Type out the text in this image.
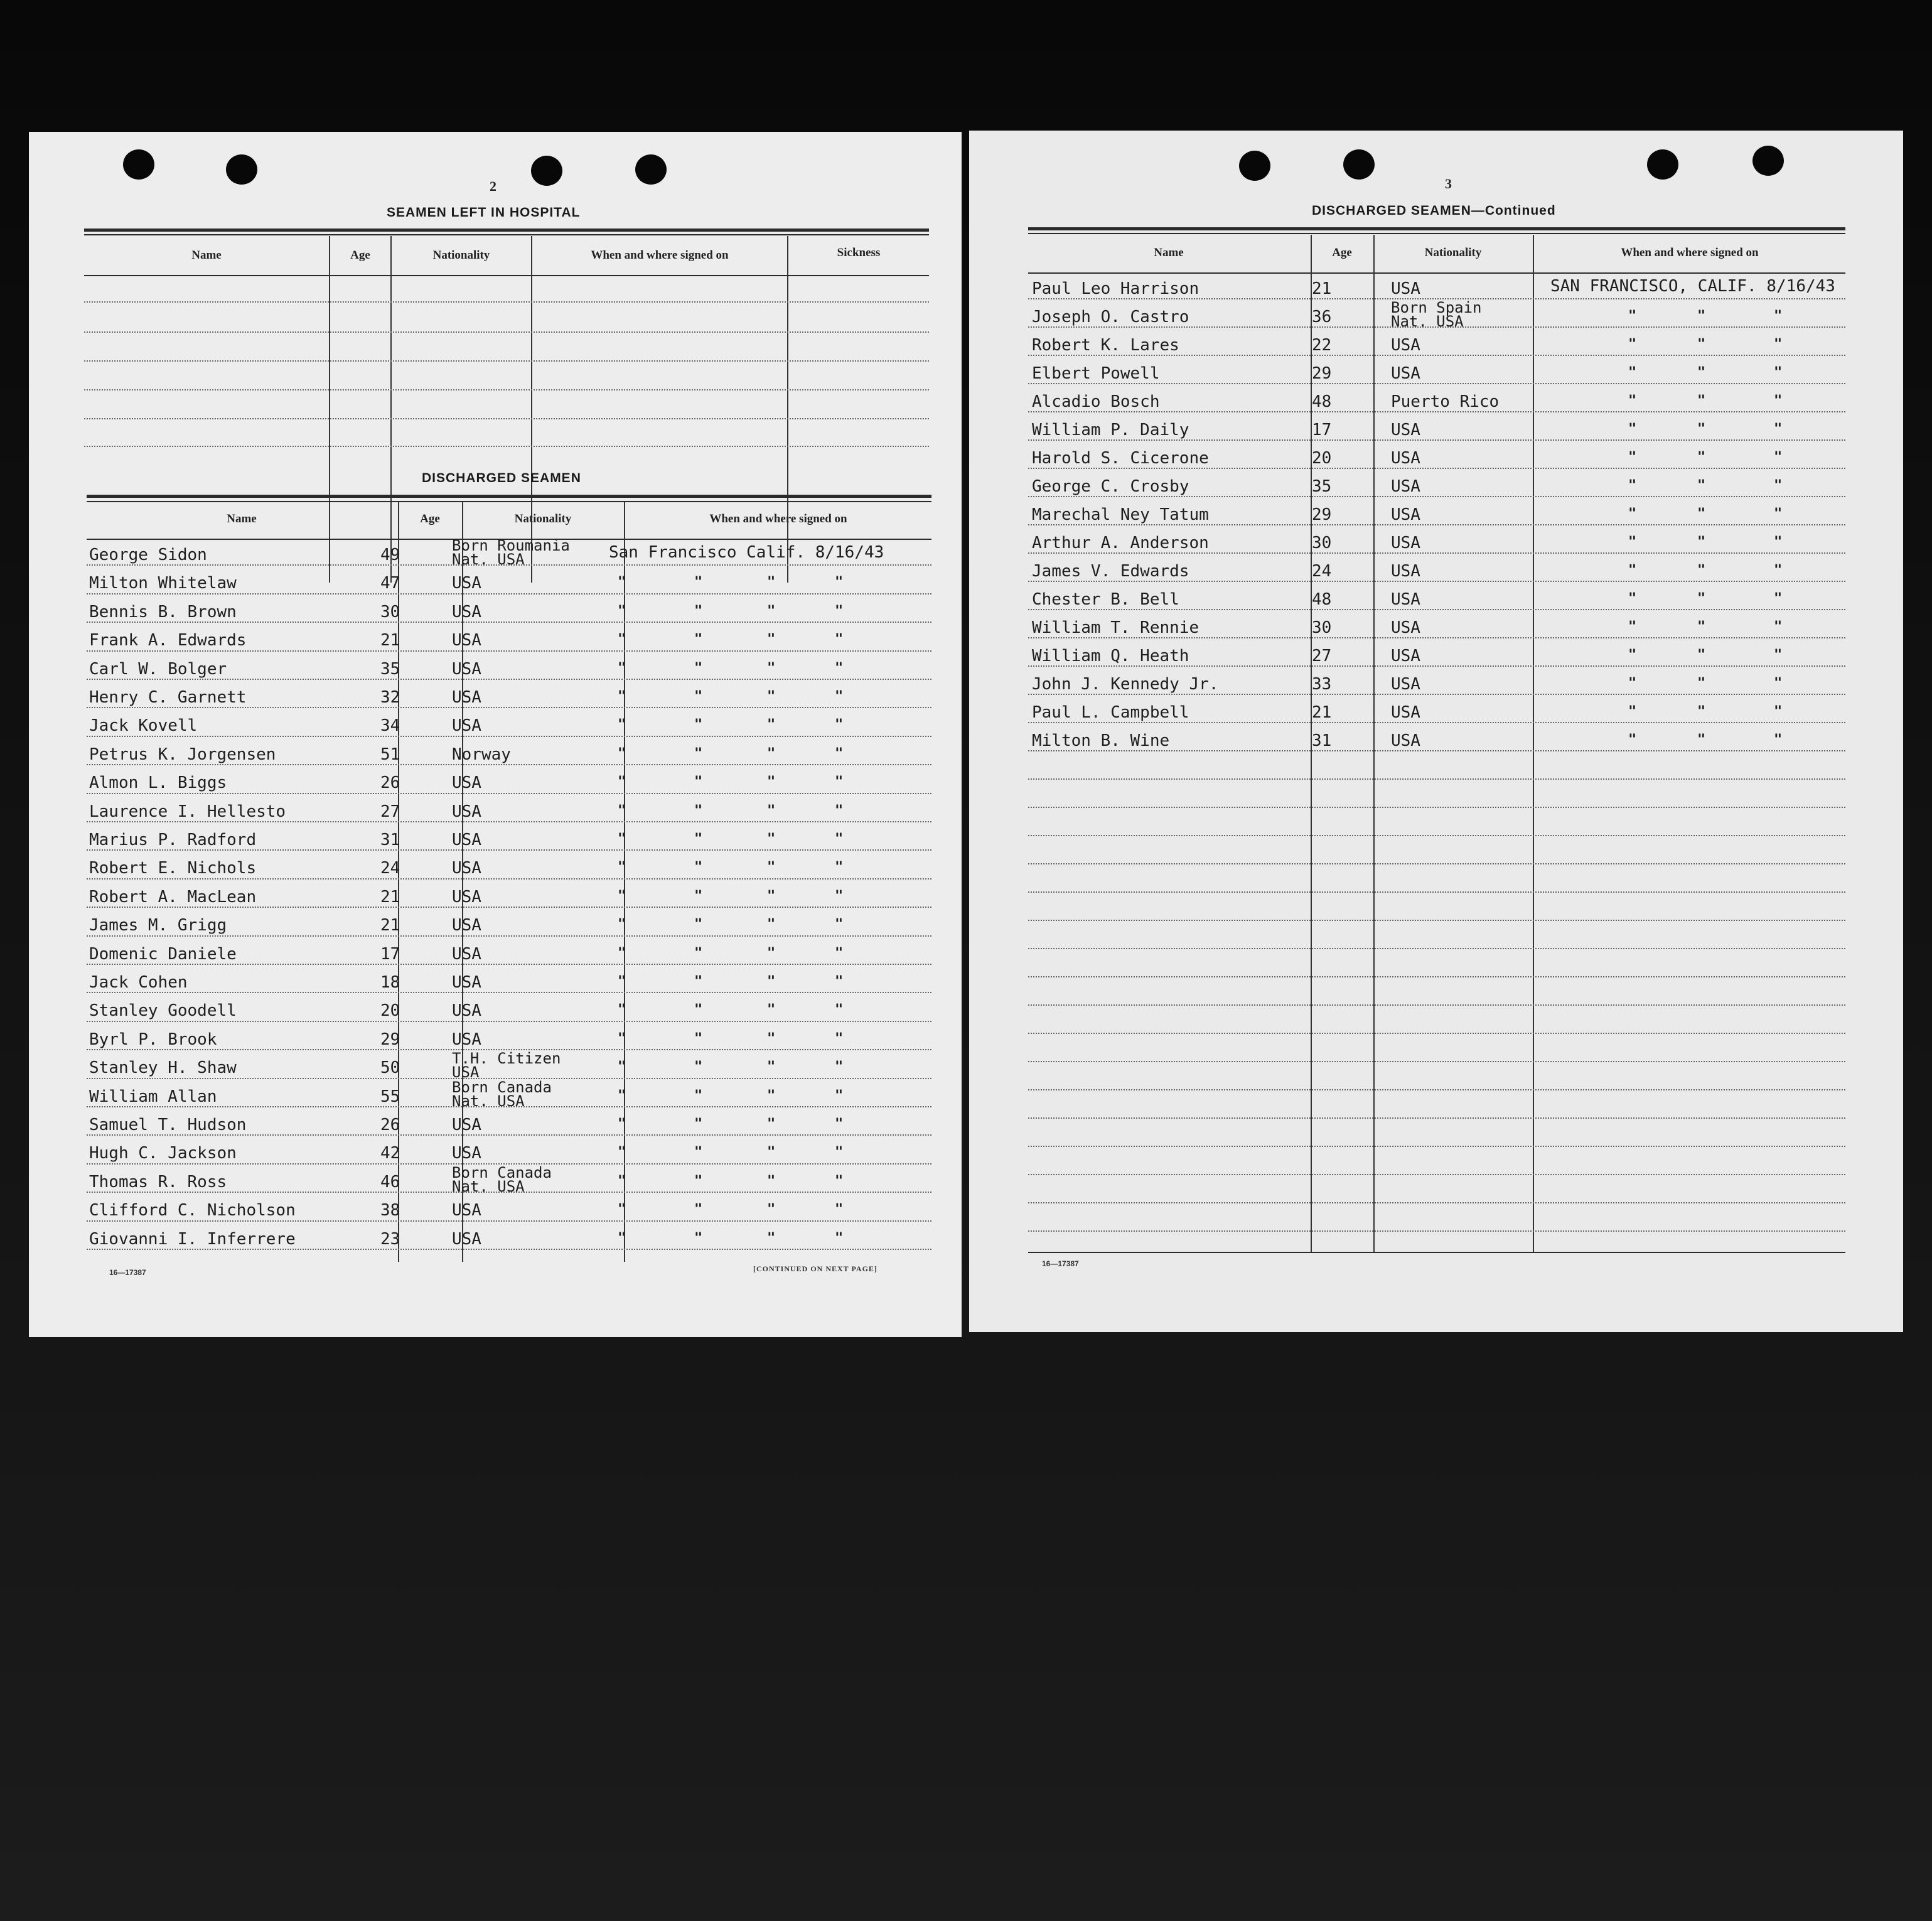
2
SEAMEN LEFT IN HOSPITAL
Name	Age	Nationality	When and where signed on	Sickness
DISCHARGED SEAMEN
Name	Age	Nationality	When and where signed on
George Sidon	49	Born Roumania
Nat. USA	San Francisco Calif. 8/16/43
Milton Whitelaw	47	USA	"	"	"	"
Bennis B. Brown	30	USA	"	"	"	"
Frank A. Edwards	21	USA	"	"	"	"
Carl W. Bolger	35	USA	"	"	"	"
Henry C. Garnett	32	USA	"	"	"	"
Jack Kovell	34	USA	"	"	"	"
Petrus K. Jorgensen	51	Norway	"	"	"	"
Almon L. Biggs	26	USA	"	"	"	"
Laurence I. Hellesto	27	USA	"	"	"	"
Marius P. Radford	31	USA	"	"	"	"
Robert E. Nichols	24	USA	"	"	"	"
Robert A. MacLean	21	USA	"	"	"	"
James M. Grigg	21	USA	"	"	"	"
Domenic Daniele	17	USA	"	"	"	"
Jack Cohen	18	USA	"	"	"	"
Stanley Goodell	20	USA	"	"	"	"
Byrl P. Brook	29	USA	"	"	"	"
Stanley H. Shaw	50	T.H. Citizen
USA	"	"	"	"
William Allan	55	Born Canada
Nat. USA	"	"	"	"
Samuel T. Hudson	26	USA	"	"	"	"
Hugh C. Jackson	42	USA	"	"	"	"
Thomas R. Ross	46	Born Canada
Nat. USA	"	"	"	"
Clifford C. Nicholson	38	USA	"	"	"	"
Giovanni I. Inferrere	23	USA	"	"	"	"
16—17387	[CONTINUED ON NEXT PAGE]
3
DISCHARGED SEAMEN—Continued
Name	Age	Nationality	When and where signed on
Paul Leo Harrison	21	USA	SAN FRANCISCO, CALIF. 8/16/43
Joseph O. Castro	36	Born Spain
Nat. USA	"	"	"
Robert K. Lares	22	USA	"	"	"
Elbert Powell	29	USA	"	"	"
Alcadio Bosch	48	Puerto Rico	"	"	"
William P. Daily	17	USA	"	"	"
Harold S. Cicerone	20	USA	"	"	"
George C. Crosby	35	USA	"	"	"
Marechal Ney Tatum	29	USA	"	"	"
Arthur A. Anderson	30	USA	"	"	"
James V. Edwards	24	USA	"	"	"
Chester B. Bell	48	USA	"	"	"
William T. Rennie	30	USA	"	"	"
William Q. Heath	27	USA	"	"	"
John J. Kennedy Jr.	33	USA	"	"	"
Paul L. Campbell	21	USA	"	"	"
Milton B. Wine	31	USA	"	"	"
16—17387
